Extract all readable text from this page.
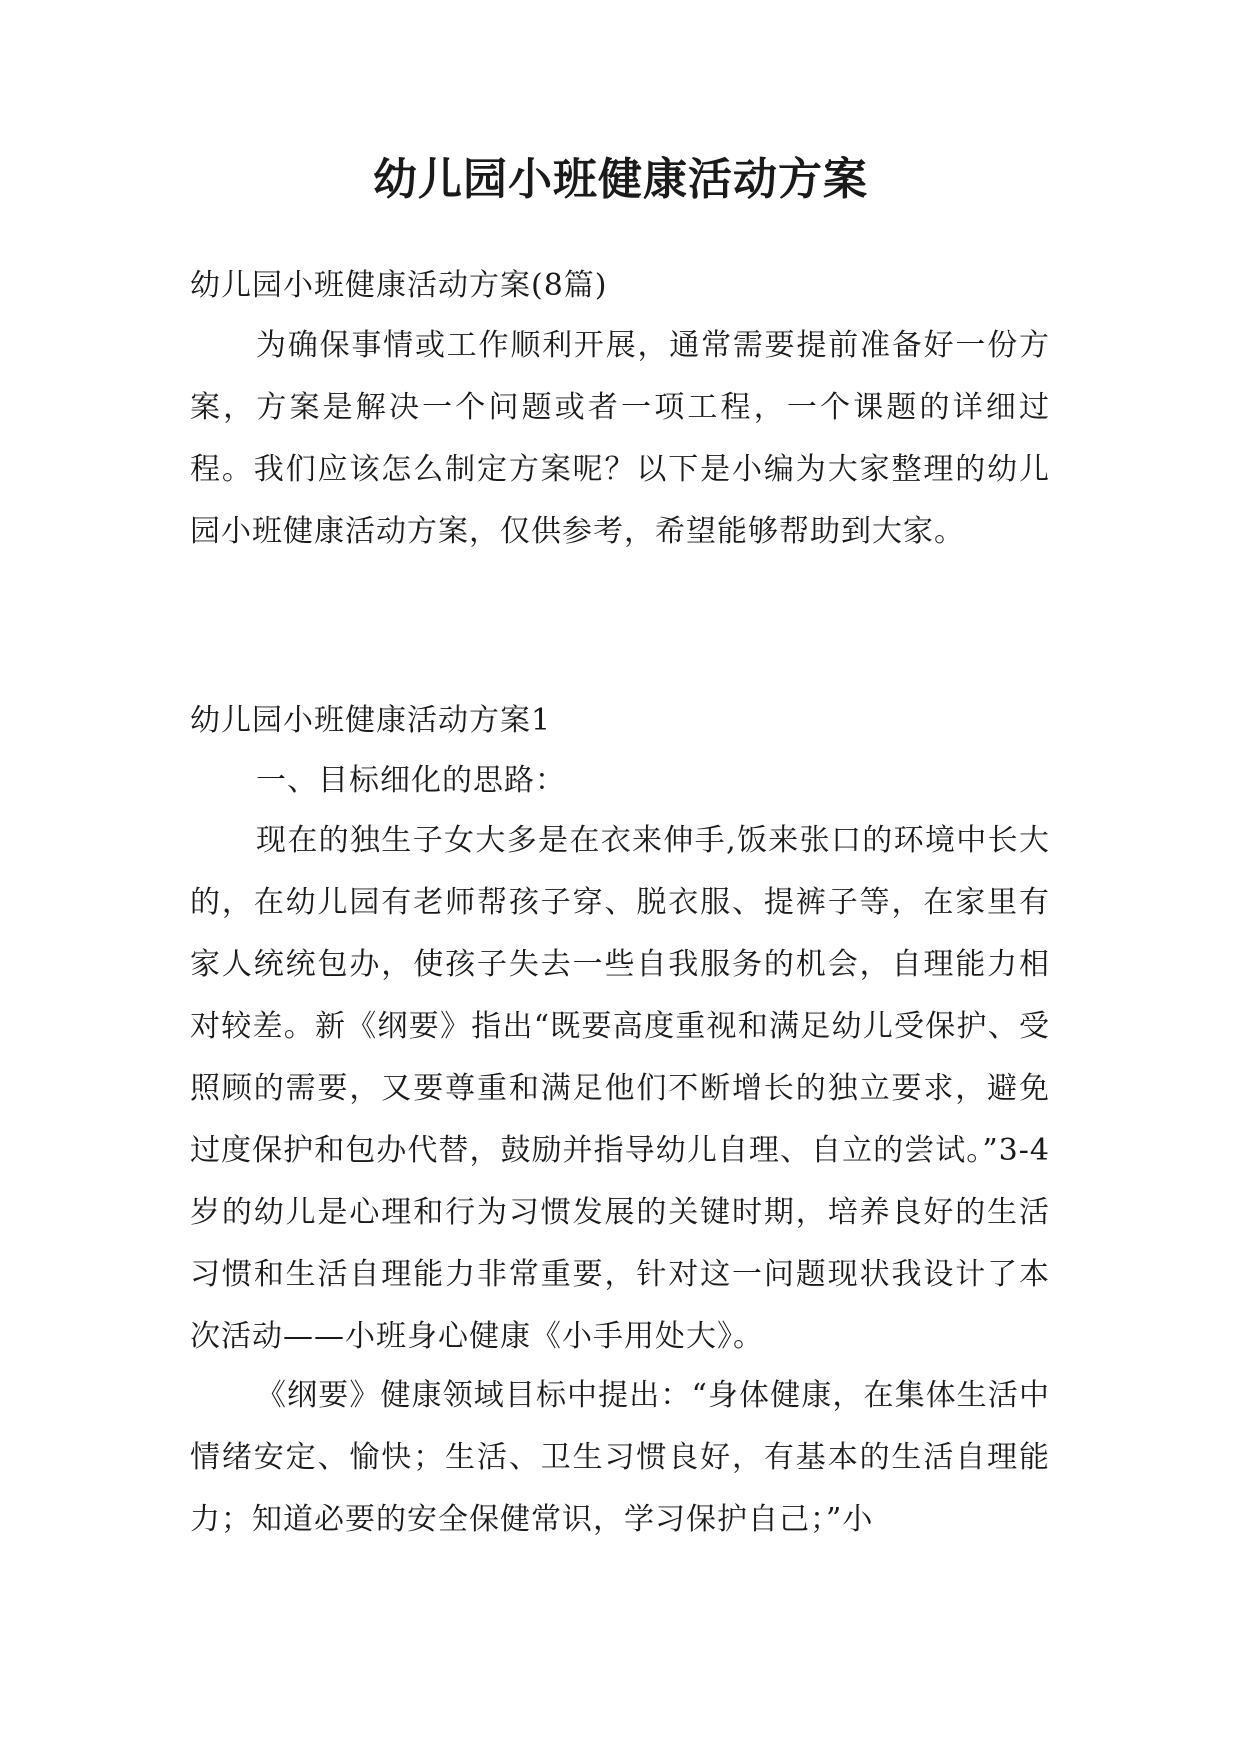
幼儿园小班健康活动方案

幼儿园小班健康活动方案(8篇)

为确保事情或工作顺利开展，通常需要提前准备好一份方案，方案是解决一个问题或者一项工程，一个课题的详细过程。我们应该怎么制定方案呢？以下是小编为大家整理的幼儿园小班健康活动方案，仅供参考，希望能够帮助到大家。

幼儿园小班健康活动方案1

一、目标细化的思路：

现在的独生子女大多是在衣来伸手,饭来张口的环境中长大的，在幼儿园有老师帮孩子穿、脱衣服、提裤子等，在家里有家人统统包办，使孩子失去一些自我服务的机会，自理能力相对较差。新《纲要》指出“既要高度重视和满足幼儿受保护、受照顾的需要，又要尊重和满足他们不断增长的独立要求，避免过度保护和包办代替，鼓励并指导幼儿自理、自立的尝试。”3-4岁的幼儿是心理和行为习惯发展的关键时期，培养良好的生活习惯和生活自理能力非常重要，针对这一问题现状我设计了本次活动——小班身心健康《小手用处大》。

《纲要》健康领域目标中提出：“身体健康，在集体生活中情绪安定、愉快；生活、卫生习惯良好，有基本的生活自理能力；知道必要的安全保健常识，学习保护自己；”小
